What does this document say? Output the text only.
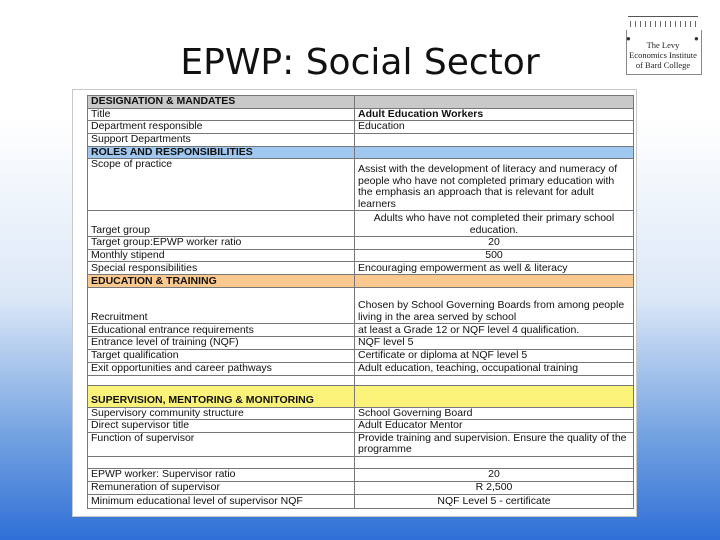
EPWP: Social Sector
●	●
The Levy
Economics Institute
of Bard College
DESIGNATION & MANDATES	
Title	Adult Education Workers
Department responsible	Education
Support Departments	
ROLES AND RESPONSIBILITIES	
Scope of practice	Assist with the development of literacy and numeracy of people who have not completed primary education with the emphasis an approach that is relevant for adult learners
Target group	Adults who have not completed their primary school education.
Target group:EPWP worker ratio	20
Monthly stipend	500
Special responsibilities	Encouraging empowerment as well & literacy
EDUCATION & TRAINING	
Recruitment	Chosen by School Governing Boards from among people living in the area served by school
Educational entrance requirements	at least a Grade 12 or NQF level 4 qualification.
Entrance level of training (NQF)	NQF level 5
Target qualification	Certificate or diploma at NQF level 5
Exit opportunities and career pathways	Adult education, teaching, occupational training

SUPERVISION, MENTORING & MONITORING	
Supervisory community structure	School Governing Board
Direct supervisor title	Adult Educator Mentor
Function of supervisor	Provide training and supervision. Ensure the quality of the programme

EPWP worker: Supervisor ratio	20
Remuneration of supervisor	R 2,500
Minimum educational level of supervisor NQF	NQF Level 5 - certificate
